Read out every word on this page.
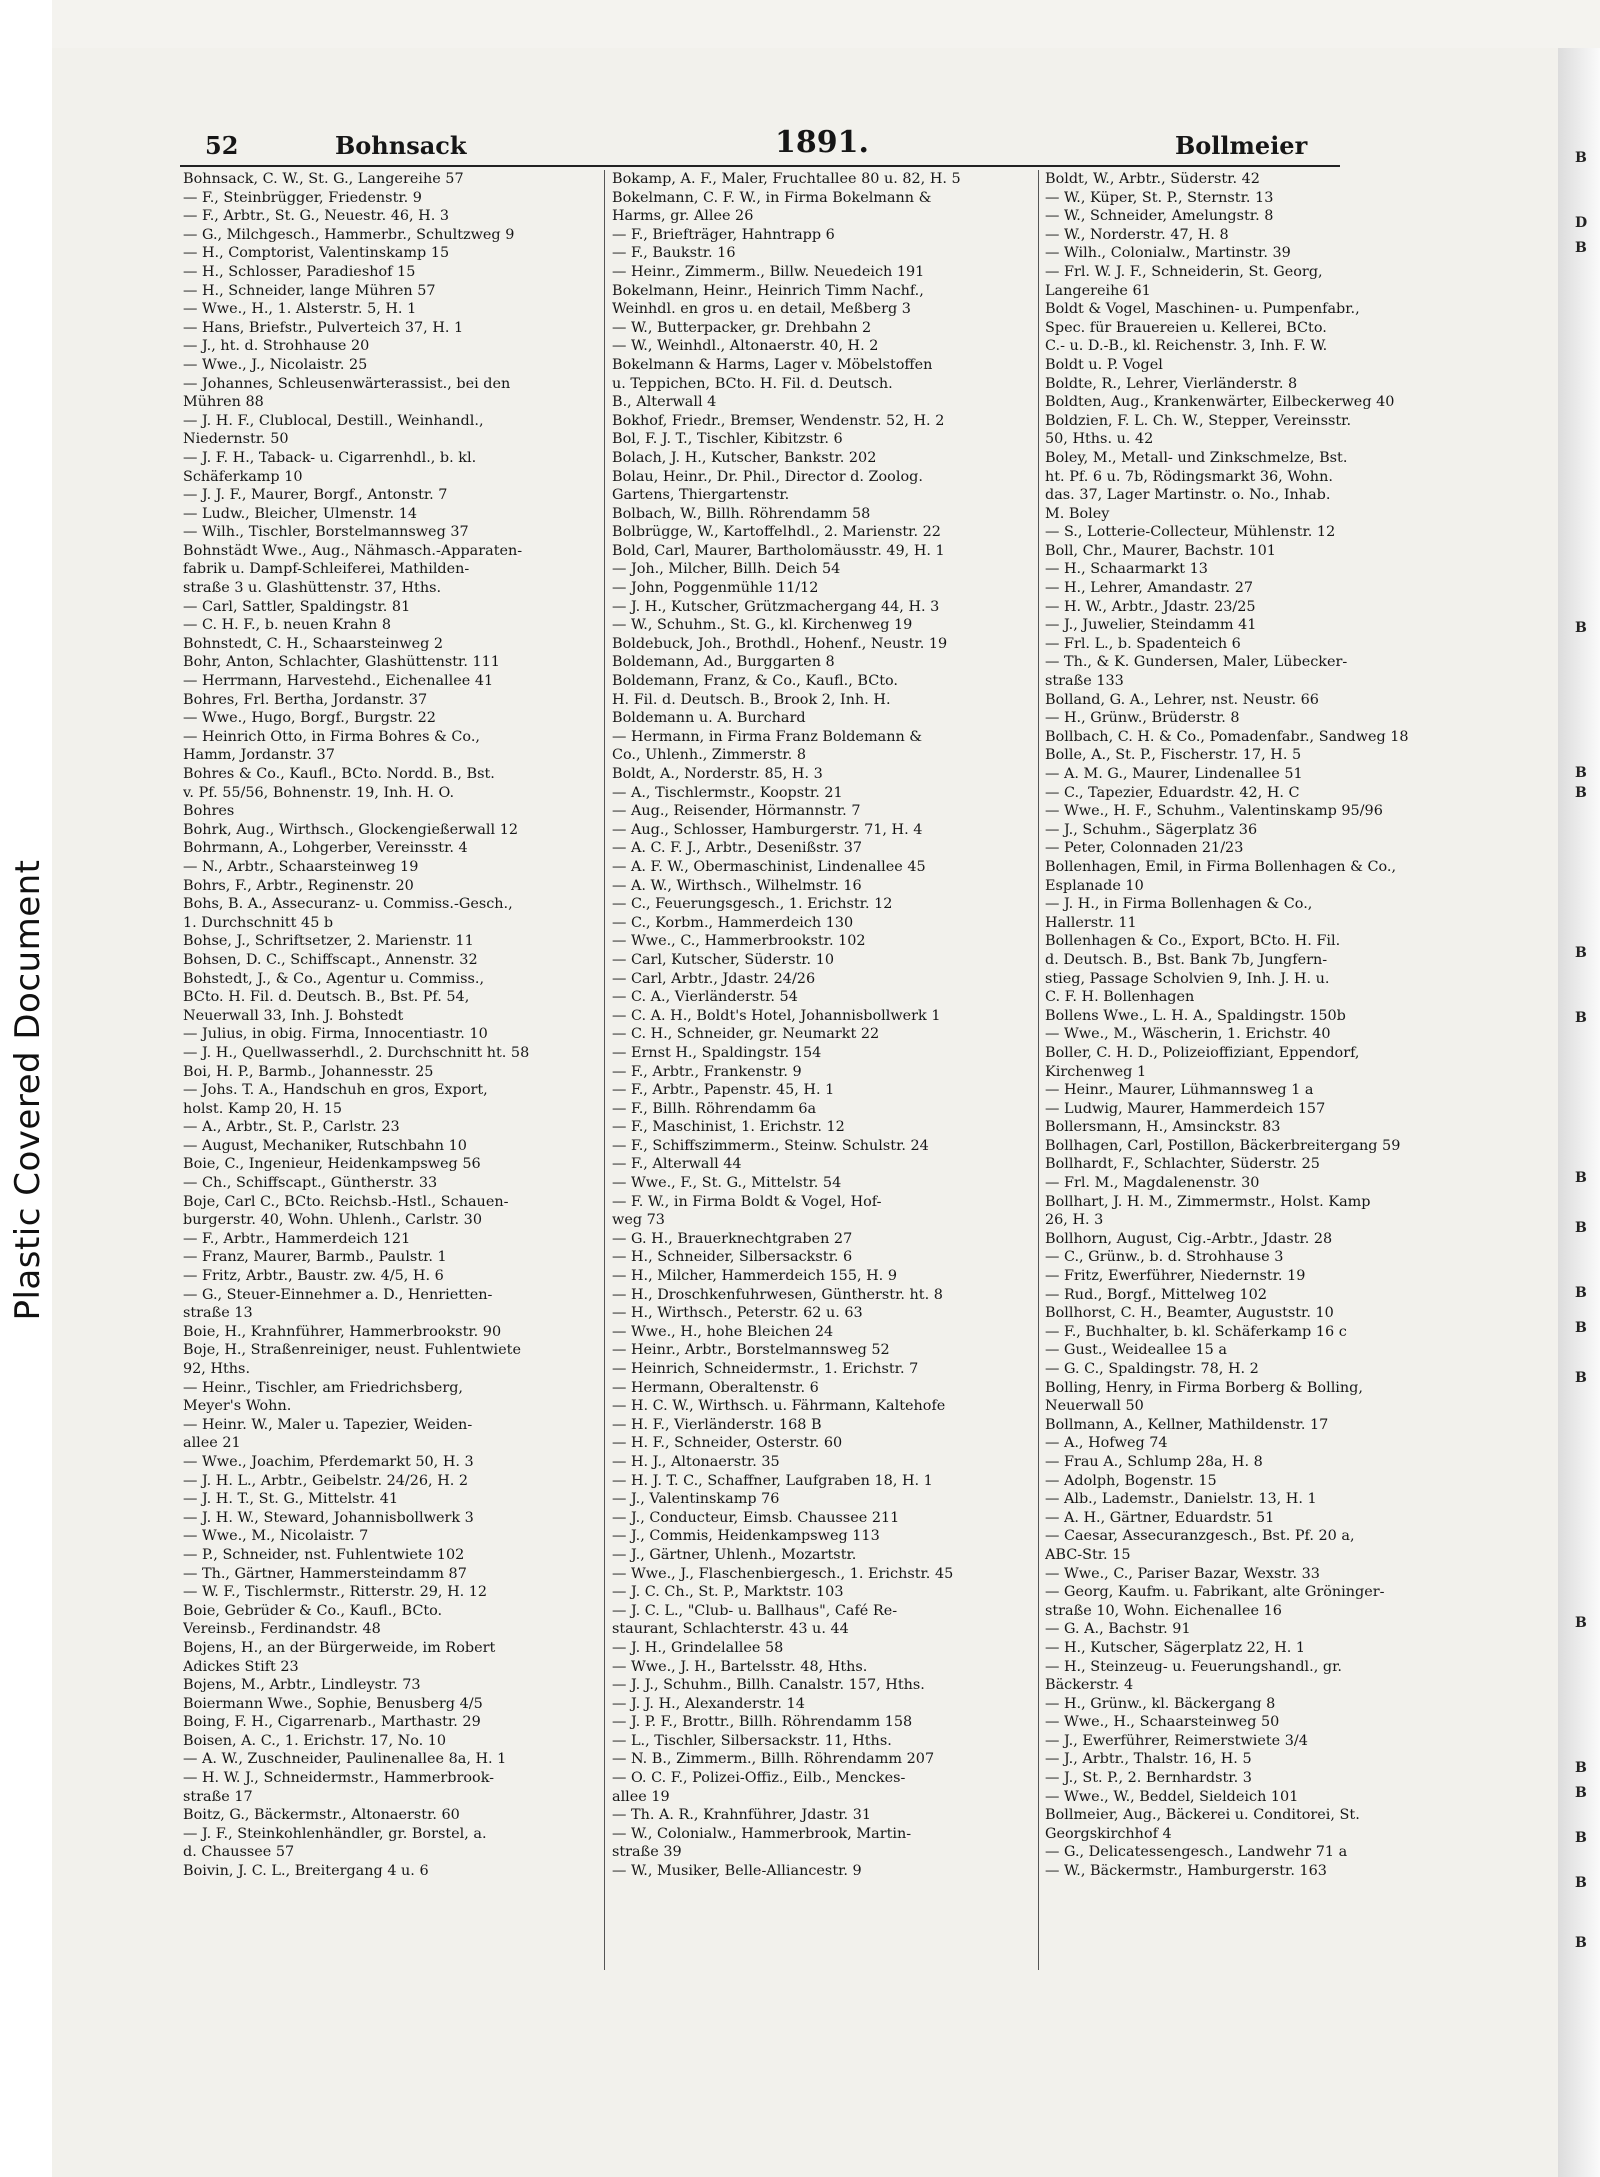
Plastic Covered Document
52	Bohnsack	1891.	Bollmeier
Bohnsack, C. W., St. G., Langereihe 57
— F., Steinbrügger, Friedenstr. 9
— F., Arbtr., St. G., Neuestr. 46, H. 3
— G., Milchgesch., Hammerbr., Schultzweg 9
— H., Comptorist, Valentinskamp 15
— H., Schlosser, Paradieshof 15
— H., Schneider, lange Mühren 57
— Wwe., H., 1. Alsterstr. 5, H. 1
— Hans, Briefstr., Pulverteich 37, H. 1
— J., ht. d. Strohhause 20
— Wwe., J., Nicolaistr. 25
— Johannes, Schleusenwärterassist., bei den
Mühren 88
— J. H. F., Clublocal, Destill., Weinhandl.,
Niedernstr. 50
— J. F. H., Taback- u. Cigarrenhdl., b. kl.
Schäferkamp 10
— J. J. F., Maurer, Borgf., Antonstr. 7
— Ludw., Bleicher, Ulmenstr. 14
— Wilh., Tischler, Borstelmannsweg 37
Bohnstädt Wwe., Aug., Nähmasch.-Apparaten-
fabrik u. Dampf-Schleiferei, Mathilden-
straße 3 u. Glashüttenstr. 37, Hths.
— Carl, Sattler, Spaldingstr. 81
— C. H. F., b. neuen Krahn 8
Bohnstedt, C. H., Schaarsteinweg 2
Bohr, Anton, Schlachter, Glashüttenstr. 111
— Herrmann, Harvestehd., Eichenallee 41
Bohres, Frl. Bertha, Jordanstr. 37
— Wwe., Hugo, Borgf., Burgstr. 22
— Heinrich Otto, in Firma Bohres & Co.,
Hamm, Jordanstr. 37
Bohres & Co., Kaufl., BCto. Nordd. B., Bst.
v. Pf. 55/56, Bohnenstr. 19, Inh. H. O.
Bohres
Bohrk, Aug., Wirthsch., Glockengießerwall 12
Bohrmann, A., Lohgerber, Vereinsstr. 4
— N., Arbtr., Schaarsteinweg 19
Bohrs, F., Arbtr., Reginenstr. 20
Bohs, B. A., Assecuranz- u. Commiss.-Gesch.,
1. Durchschnitt 45 b
Bohse, J., Schriftsetzer, 2. Marienstr. 11
Bohsen, D. C., Schiffscapt., Annenstr. 32
Bohstedt, J., & Co., Agentur u. Commiss.,
BCto. H. Fil. d. Deutsch. B., Bst. Pf. 54,
Neuerwall 33, Inh. J. Bohstedt
— Julius, in obig. Firma, Innocentiastr. 10
— J. H., Quellwasserhdl., 2. Durchschnitt ht. 58
Boi, H. P., Barmb., Johannesstr. 25
— Johs. T. A., Handschuh en gros, Export,
holst. Kamp 20, H. 15
— A., Arbtr., St. P., Carlstr. 23
— August, Mechaniker, Rutschbahn 10
Boie, C., Ingenieur, Heidenkampsweg 56
— Ch., Schiffscapt., Güntherstr. 33
Boje, Carl C., BCto. Reichsb.-Hstl., Schauen-
burgerstr. 40, Wohn. Uhlenh., Carlstr. 30
— F., Arbtr., Hammerdeich 121
— Franz, Maurer, Barmb., Paulstr. 1
— Fritz, Arbtr., Baustr. zw. 4/5, H. 6
— G., Steuer-Einnehmer a. D., Henrietten-
straße 13
Boie, H., Krahnführer, Hammerbrookstr. 90
Boje, H., Straßenreiniger, neust. Fuhlentwiete
92, Hths.
— Heinr., Tischler, am Friedrichsberg,
Meyer's Wohn.
— Heinr. W., Maler u. Tapezier, Weiden-
allee 21
— Wwe., Joachim, Pferdemarkt 50, H. 3
— J. H. L., Arbtr., Geibelstr. 24/26, H. 2
— J. H. T., St. G., Mittelstr. 41
— J. H. W., Steward, Johannisbollwerk 3
— Wwe., M., Nicolaistr. 7
— P., Schneider, nst. Fuhlentwiete 102
— Th., Gärtner, Hammersteindamm 87
— W. F., Tischlermstr., Ritterstr. 29, H. 12
Boie, Gebrüder & Co., Kaufl., BCto.
Vereinsb., Ferdinandstr. 48
Bojens, H., an der Bürgerweide, im Robert
Adickes Stift 23
Bojens, M., Arbtr., Lindleystr. 73
Boiermann Wwe., Sophie, Benusberg 4/5
Boing, F. H., Cigarrenarb., Marthastr. 29
Boisen, A. C., 1. Erichstr. 17, No. 10
— A. W., Zuschneider, Paulinenallee 8a, H. 1
— H. W. J., Schneidermstr., Hammerbrook-
straße 17
Boitz, G., Bäckermstr., Altonaerstr. 60
— J. F., Steinkohlenhändler, gr. Borstel, a.
d. Chaussee 57
Boivin, J. C. L., Breitergang 4 u. 6
Bokamp, A. F., Maler, Fruchtallee 80 u. 82, H. 5
Bokelmann, C. F. W., in Firma Bokelmann &
Harms, gr. Allee 26
— F., Briefträger, Hahntrapp 6
— F., Baukstr. 16
— Heinr., Zimmerm., Billw. Neuedeich 191
Bokelmann, Heinr., Heinrich Timm Nachf.,
Weinhdl. en gros u. en detail, Meßberg 3
— W., Butterpacker, gr. Drehbahn 2
— W., Weinhdl., Altonaerstr. 40, H. 2
Bokelmann & Harms, Lager v. Möbelstoffen
u. Teppichen, BCto. H. Fil. d. Deutsch.
B., Alterwall 4
Bokhof, Friedr., Bremser, Wendenstr. 52, H. 2
Bol, F. J. T., Tischler, Kibitzstr. 6
Bolach, J. H., Kutscher, Bankstr. 202
Bolau, Heinr., Dr. Phil., Director d. Zoolog.
Gartens, Thiergartenstr.
Bolbach, W., Billh. Röhrendamm 58
Bolbrügge, W., Kartoffelhdl., 2. Marienstr. 22
Bold, Carl, Maurer, Bartholomäusstr. 49, H. 1
— Joh., Milcher, Billh. Deich 54
— John, Poggenmühle 11/12
— J. H., Kutscher, Grützmachergang 44, H. 3
— W., Schuhm., St. G., kl. Kirchenweg 19
Boldebuck, Joh., Brothdl., Hohenf., Neustr. 19
Boldemann, Ad., Burggarten 8
Boldemann, Franz, & Co., Kaufl., BCto.
H. Fil. d. Deutsch. B., Brook 2, Inh. H.
Boldemann u. A. Burchard
— Hermann, in Firma Franz Boldemann &
Co., Uhlenh., Zimmerstr. 8
Boldt, A., Norderstr. 85, H. 3
— A., Tischlermstr., Koopstr. 21
— Aug., Reisender, Hörmannstr. 7
— Aug., Schlosser, Hamburgerstr. 71, H. 4
— A. C. F. J., Arbtr., Desenißstr. 37
— A. F. W., Obermaschinist, Lindenallee 45
— A. W., Wirthsch., Wilhelmstr. 16
— C., Feuerungsgesch., 1. Erichstr. 12
— C., Korbm., Hammerdeich 130
— Wwe., C., Hammerbrookstr. 102
— Carl, Kutscher, Süderstr. 10
— Carl, Arbtr., Jdastr. 24/26
— C. A., Vierländerstr. 54
— C. A. H., Boldt's Hotel, Johannisbollwerk 1
— C. H., Schneider, gr. Neumarkt 22
— Ernst H., Spaldingstr. 154
— F., Arbtr., Frankenstr. 9
— F., Arbtr., Papenstr. 45, H. 1
— F., Billh. Röhrendamm 6a
— F., Maschinist, 1. Erichstr. 12
— F., Schiffszimmerm., Steinw. Schulstr. 24
— F., Alterwall 44
— Wwe., F., St. G., Mittelstr. 54
— F. W., in Firma Boldt & Vogel, Hof-
weg 73
— G. H., Brauerknechtgraben 27
— H., Schneider, Silbersackstr. 6
— H., Milcher, Hammerdeich 155, H. 9
— H., Droschkenfuhrwesen, Güntherstr. ht. 8
— H., Wirthsch., Peterstr. 62 u. 63
— Wwe., H., hohe Bleichen 24
— Heinr., Arbtr., Borstelmannsweg 52
— Heinrich, Schneidermstr., 1. Erichstr. 7
— Hermann, Oberaltenstr. 6
— H. C. W., Wirthsch. u. Fährmann, Kaltehofe
— H. F., Vierländerstr. 168 B
— H. F., Schneider, Osterstr. 60
— H. J., Altonaerstr. 35
— H. J. T. C., Schaffner, Laufgraben 18, H. 1
— J., Valentinskamp 76
— J., Conducteur, Eimsb. Chaussee 211
— J., Commis, Heidenkampsweg 113
— J., Gärtner, Uhlenh., Mozartstr.
— Wwe., J., Flaschenbiergesch., 1. Erichstr. 45
— J. C. Ch., St. P., Marktstr. 103
— J. C. L., "Club- u. Ballhaus", Café Re-
staurant, Schlachterstr. 43 u. 44
— J. H., Grindelallee 58
— Wwe., J. H., Bartelsstr. 48, Hths.
— J. J., Schuhm., Billh. Canalstr. 157, Hths.
— J. J. H., Alexanderstr. 14
— J. P. F., Brottr., Billh. Röhrendamm 158
— L., Tischler, Silbersackstr. 11, Hths.
— N. B., Zimmerm., Billh. Röhrendamm 207
— O. C. F., Polizei-Offiz., Eilb., Menckes-
allee 19
— Th. A. R., Krahnführer, Jdastr. 31
— W., Colonialw., Hammerbrook, Martin-
straße 39
— W., Musiker, Belle-Alliancestr. 9
Boldt, W., Arbtr., Süderstr. 42
— W., Küper, St. P., Sternstr. 13
— W., Schneider, Amelungstr. 8
— W., Norderstr. 47, H. 8
— Wilh., Colonialw., Martinstr. 39
— Frl. W. J. F., Schneiderin, St. Georg,
Langereihe 61
Boldt & Vogel, Maschinen- u. Pumpenfabr.,
Spec. für Brauereien u. Kellerei, BCto.
C.- u. D.-B., kl. Reichenstr. 3, Inh. F. W.
Boldt u. P. Vogel
Boldte, R., Lehrer, Vierländerstr. 8
Boldten, Aug., Krankenwärter, Eilbeckerweg 40
Boldzien, F. L. Ch. W., Stepper, Vereinsstr.
50, Hths. u. 42
Boley, M., Metall- und Zinkschmelze, Bst.
ht. Pf. 6 u. 7b, Rödingsmarkt 36, Wohn.
das. 37, Lager Martinstr. o. No., Inhab.
M. Boley
— S., Lotterie-Collecteur, Mühlenstr. 12
Boll, Chr., Maurer, Bachstr. 101
— H., Schaarmarkt 13
— H., Lehrer, Amandastr. 27
— H. W., Arbtr., Jdastr. 23/25
— J., Juwelier, Steindamm 41
— Frl. L., b. Spadenteich 6
— Th., & K. Gundersen, Maler, Lübecker-
straße 133
Bolland, G. A., Lehrer, nst. Neustr. 66
— H., Grünw., Brüderstr. 8
Bollbach, C. H. & Co., Pomadenfabr., Sandweg 18
Bolle, A., St. P., Fischerstr. 17, H. 5
— A. M. G., Maurer, Lindenallee 51
— C., Tapezier, Eduardstr. 42, H. C
— Wwe., H. F., Schuhm., Valentinskamp 95/96
— J., Schuhm., Sägerplatz 36
— Peter, Colonnaden 21/23
Bollenhagen, Emil, in Firma Bollenhagen & Co.,
Esplanade 10
— J. H., in Firma Bollenhagen & Co.,
Hallerstr. 11
Bollenhagen & Co., Export, BCto. H. Fil.
d. Deutsch. B., Bst. Bank 7b, Jungfern-
stieg, Passage Scholvien 9, Inh. J. H. u.
C. F. H. Bollenhagen
Bollens Wwe., L. H. A., Spaldingstr. 150b
— Wwe., M., Wäscherin, 1. Erichstr. 40
Boller, C. H. D., Polizeioffiziant, Eppendorf,
Kirchenweg 1
— Heinr., Maurer, Lühmannsweg 1 a
— Ludwig, Maurer, Hammerdeich 157
Bollersmann, H., Amsinckstr. 83
Bollhagen, Carl, Postillon, Bäckerbreitergang 59
Bollhardt, F., Schlachter, Süderstr. 25
— Frl. M., Magdalenenstr. 30
Bollhart, J. H. M., Zimmermstr., Holst. Kamp
26, H. 3
Bollhorn, August, Cig.-Arbtr., Jdastr. 28
— C., Grünw., b. d. Strohhause 3
— Fritz, Ewerführer, Niedernstr. 19
— Rud., Borgf., Mittelweg 102
Bollhorst, C. H., Beamter, Auguststr. 10
— F., Buchhalter, b. kl. Schäferkamp 16 c
— Gust., Weideallee 15 a
— G. C., Spaldingstr. 78, H. 2
Bolling, Henry, in Firma Borberg & Bolling,
Neuerwall 50
Bollmann, A., Kellner, Mathildenstr. 17
— A., Hofweg 74
— Frau A., Schlump 28a, H. 8
— Adolph, Bogenstr. 15
— Alb., Lademstr., Danielstr. 13, H. 1
— A. H., Gärtner, Eduardstr. 51
— Caesar, Assecuranzgesch., Bst. Pf. 20 a,
ABC-Str. 15
— Wwe., C., Pariser Bazar, Wexstr. 33
— Georg, Kaufm. u. Fabrikant, alte Gröninger-
straße 10, Wohn. Eichenallee 16
— G. A., Bachstr. 91
— H., Kutscher, Sägerplatz 22, H. 1
— H., Steinzeug- u. Feuerungshandl., gr.
Bäckerstr. 4
— H., Grünw., kl. Bäckergang 8
— Wwe., H., Schaarsteinweg 50
— J., Ewerführer, Reimerstwiete 3/4
— J., Arbtr., Thalstr. 16, H. 5
— J., St. P., 2. Bernhardstr. 3
— Wwe., W., Beddel, Sieldeich 101
Bollmeier, Aug., Bäckerei u. Conditorei, St.
Georgskirchhof 4
— G., Delicatessengesch., Landwehr 71 a
— W., Bäckermstr., Hamburgerstr. 163
B
D
B
B
B
B
B
B
B
B
B
B
B
B
B
B
B
B
B
